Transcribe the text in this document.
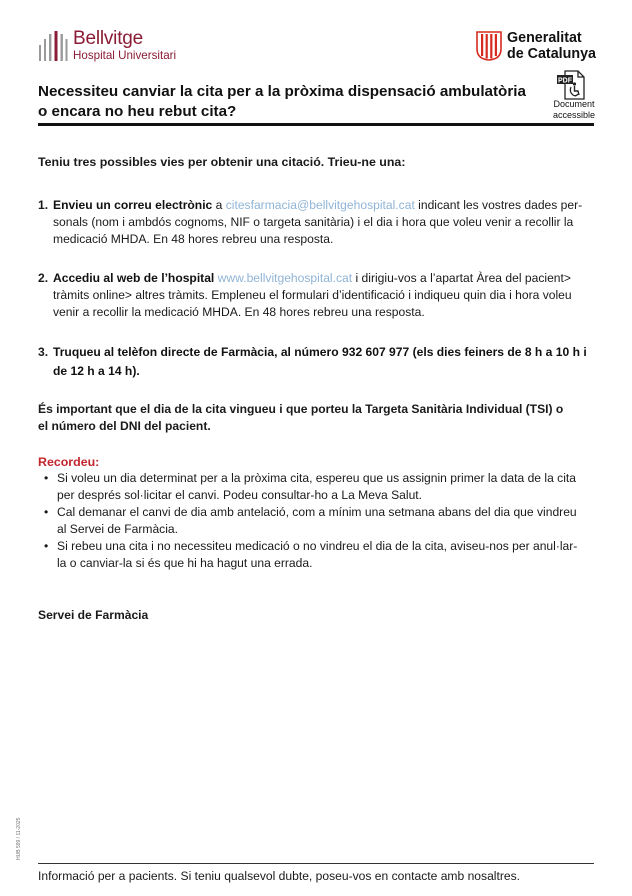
Bellvitge
Hospital Universitari
Generalitat
de Catalunya
Necessiteu canviar la cita per a la pròxima dispensació ambulatòria
o encara no heu rebut cita?
PDF
Document
accessible
Teniu tres possibles vies per obtenir una citació. Trieu-ne una:
1. Envieu un correu electrònic a citesfarmacia@bellvitgehospital.cat indicant les vostres dades per-
sonals (nom i ambdós cognoms, NIF o targeta sanitària) i el dia i hora que voleu venir a recollir la
medicació MHDA. En 48 hores rebreu una resposta.
2. Accediu al web de l’hospital www.bellvitgehospital.cat i dirigiu-vos a l’apartat Àrea del pacient>
tràmits online> altres tràmits. Empleneu el formulari d’identificació i indiqueu quin dia i hora voleu
venir a recollir la medicació MHDA. En 48 hores rebreu una resposta.
3. Truqueu al telèfon directe de Farmàcia, al número 932 607 977 (els dies feiners de 8 h a 10 h i
de 12 h a 14 h).
És important que el dia de la cita vingueu i que porteu la Targeta Sanitària Individual (TSI) o
el número del DNI del pacient.
Recordeu:
• Si voleu un dia determinat per a la pròxima cita, espereu que us assignin primer la data de la cita
per després sol·licitar el canvi. Podeu consultar-ho a La Meva Salut.
• Cal demanar el canvi de dia amb antelació, com a mínim una setmana abans del dia que vindreu
al Servei de Farmàcia.
• Si rebeu una cita i no necessiteu medicació o no vindreu el dia de la cita, aviseu-nos per anul·lar-
la o canviar-la si és que hi ha hagut una errada.
Servei de Farmàcia
HUB 599 / 11-2025
Informació per a pacients. Si teniu qualsevol dubte, poseu-vos en contacte amb nosaltres.
